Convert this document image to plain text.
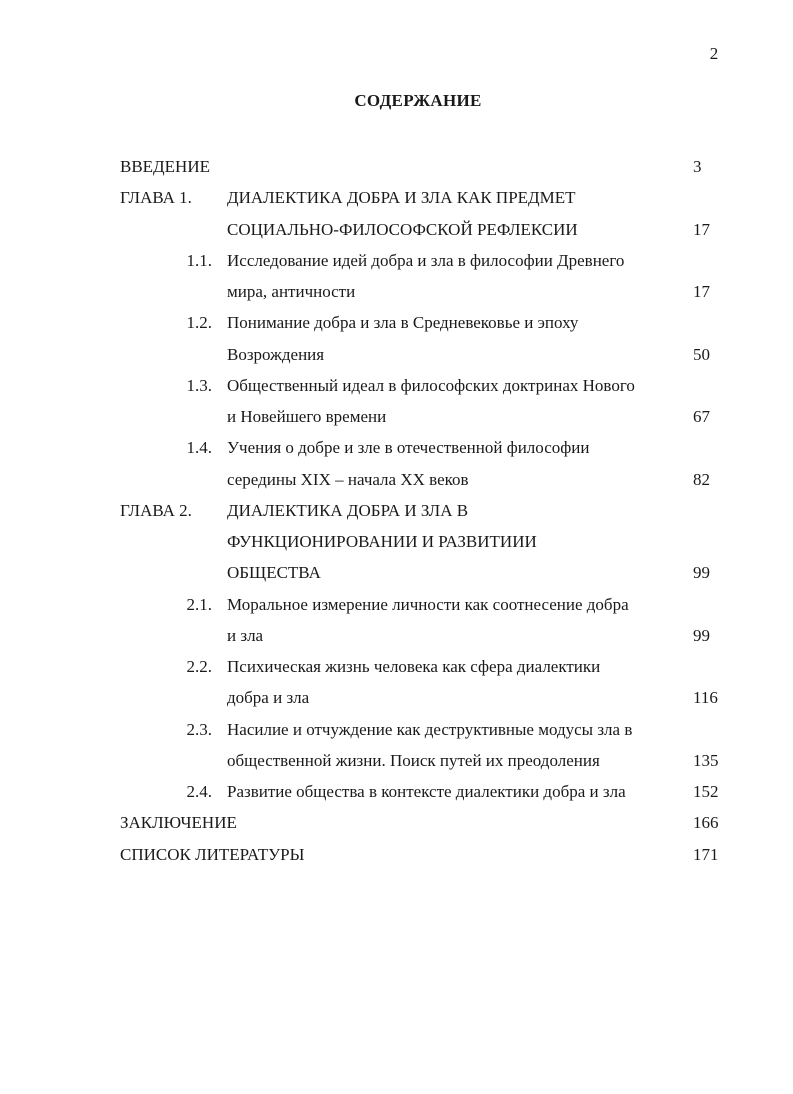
2
СОДЕРЖАНИЕ
ВВЕДЕНИЕ	3
ГЛАВА 1. ДИАЛЕКТИКА ДОБРА И ЗЛА КАК ПРЕДМЕТ
СОЦИАЛЬНО-ФИЛОСОФСКОЙ РЕФЛЕКСИИ	17
1.1. Исследование идей добра и зла в философии Древнего
мира, античности	17
1.2. Понимание добра и зла в Средневековье и эпоху
Возрождения	50
1.3. Общественный идеал в философских доктринах Нового
и Новейшего времени	67
1.4. Учения о добре и зле в отечественной философии
середины XIX – начала XX веков	82
ГЛАВА 2. ДИАЛЕКТИКА ДОБРА И ЗЛА В
ФУНКЦИОНИРОВАНИИ И РАЗВИТИИИ
ОБЩЕСТВА	99
2.1. Моральное измерение личности как соотнесение добра
и зла	99
2.2. Психическая жизнь человека как сфера диалектики
добра и зла	116
2.3. Насилие и отчуждение как деструктивные модусы зла в
общественной жизни. Поиск путей их преодоления	135
2.4. Развитие общества в контексте диалектики добра и зла	152
ЗАКЛЮЧЕНИЕ	166
СПИСОК ЛИТЕРАТУРЫ	171
